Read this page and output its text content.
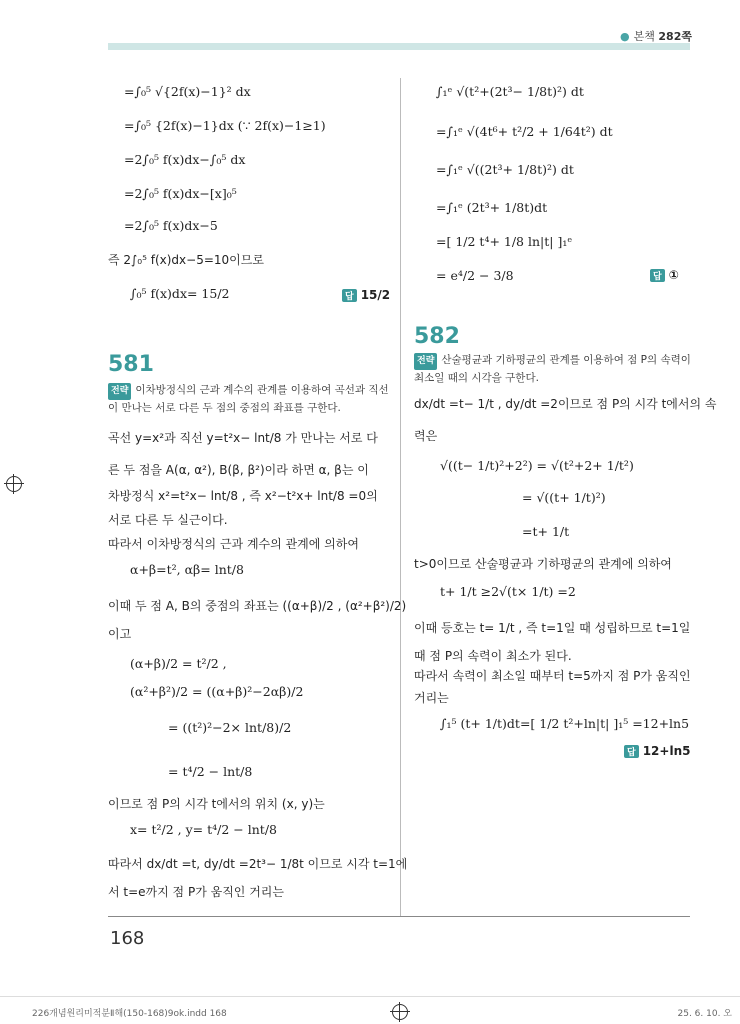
● 본책 282쪽
=∫₀⁵ √{2f(x)−1}² dx
=∫₀⁵ {2f(x)−1}dx (∵ 2f(x)−1≥1)
=2∫₀⁵ f(x)dx−∫₀⁵ dx
=2∫₀⁵ f(x)dx−[x]₀⁵
=2∫₀⁵ f(x)dx−5
즉 2∫₀⁵ f(x)dx−5=10이므로
∫₀⁵ f(x)dx= 15/2	답 15/2
581
전략 이차방정식의 근과 계수의 관계를 이용하여 곡선과 직선이 만나는 서로 다른 두 점의 중점의 좌표를 구한다.
곡선 y=x²과 직선 y=t²x− lnt/8 가 만나는 서로 다
른 두 점을 A(α, α²), B(β, β²)이라 하면 α, β는 이
차방정식 x²=t²x− lnt/8 , 즉 x²−t²x+ lnt/8 =0의
서로 다른 두 실근이다.
따라서 이차방정식의 근과 계수의 관계에 의하여
α+β=t², αβ= lnt/8
이때 두 점 A, B의 중점의 좌표는 ((α+β)/2 , (α²+β²)/2)
이고
(α+β)/2 = t²/2 ,
(α²+β²)/2 = ((α+β)²−2αβ)/2
= ((t²)²−2× lnt/8)/2
= t⁴/2 − lnt/8
이므로 점 P의 시각 t에서의 위치 (x, y)는
x= t²/2 , y= t⁴/2 − lnt/8
따라서 dx/dt =t, dy/dt =2t³− 1/8t 이므로 시각 t=1에
서 t=e까지 점 P가 움직인 거리는
∫₁ᵉ √(t²+(2t³− 1/8t)²) dt
=∫₁ᵉ √(4t⁶+ t²/2 + 1/64t²) dt
=∫₁ᵉ √((2t³+ 1/8t)²) dt
=∫₁ᵉ (2t³+ 1/8t)dt
=[ 1/2 t⁴+ 1/8 ln|t| ]₁ᵉ
= e⁴/2 − 3/8	답 ①
582
전략 산술평균과 기하평균의 관계를 이용하여 점 P의 속력이 최소일 때의 시각을 구한다.
dx/dt =t− 1/t , dy/dt =2이므로 점 P의 시각 t에서의 속
력은
√((t− 1/t)²+2²) = √(t²+2+ 1/t²)
= √((t+ 1/t)²)
=t+ 1/t
t>0이므로 산술평균과 기하평균의 관계에 의하여
t+ 1/t ≥2√(t× 1/t) =2
이때 등호는 t= 1/t , 즉 t=1일 때 성립하므로 t=1일
때 점 P의 속력이 최소가 된다.
따라서 속력이 최소일 때부터 t=5까지 점 P가 움직인
거리는
∫₁⁵ (t+ 1/t)dt=[ 1/2 t²+ln|t| ]₁⁵ =12+ln5
답 12+ln5
168
226개념원리미적분Ⅱ해(150-168)9ok.indd 168	25. 6. 10. 오
